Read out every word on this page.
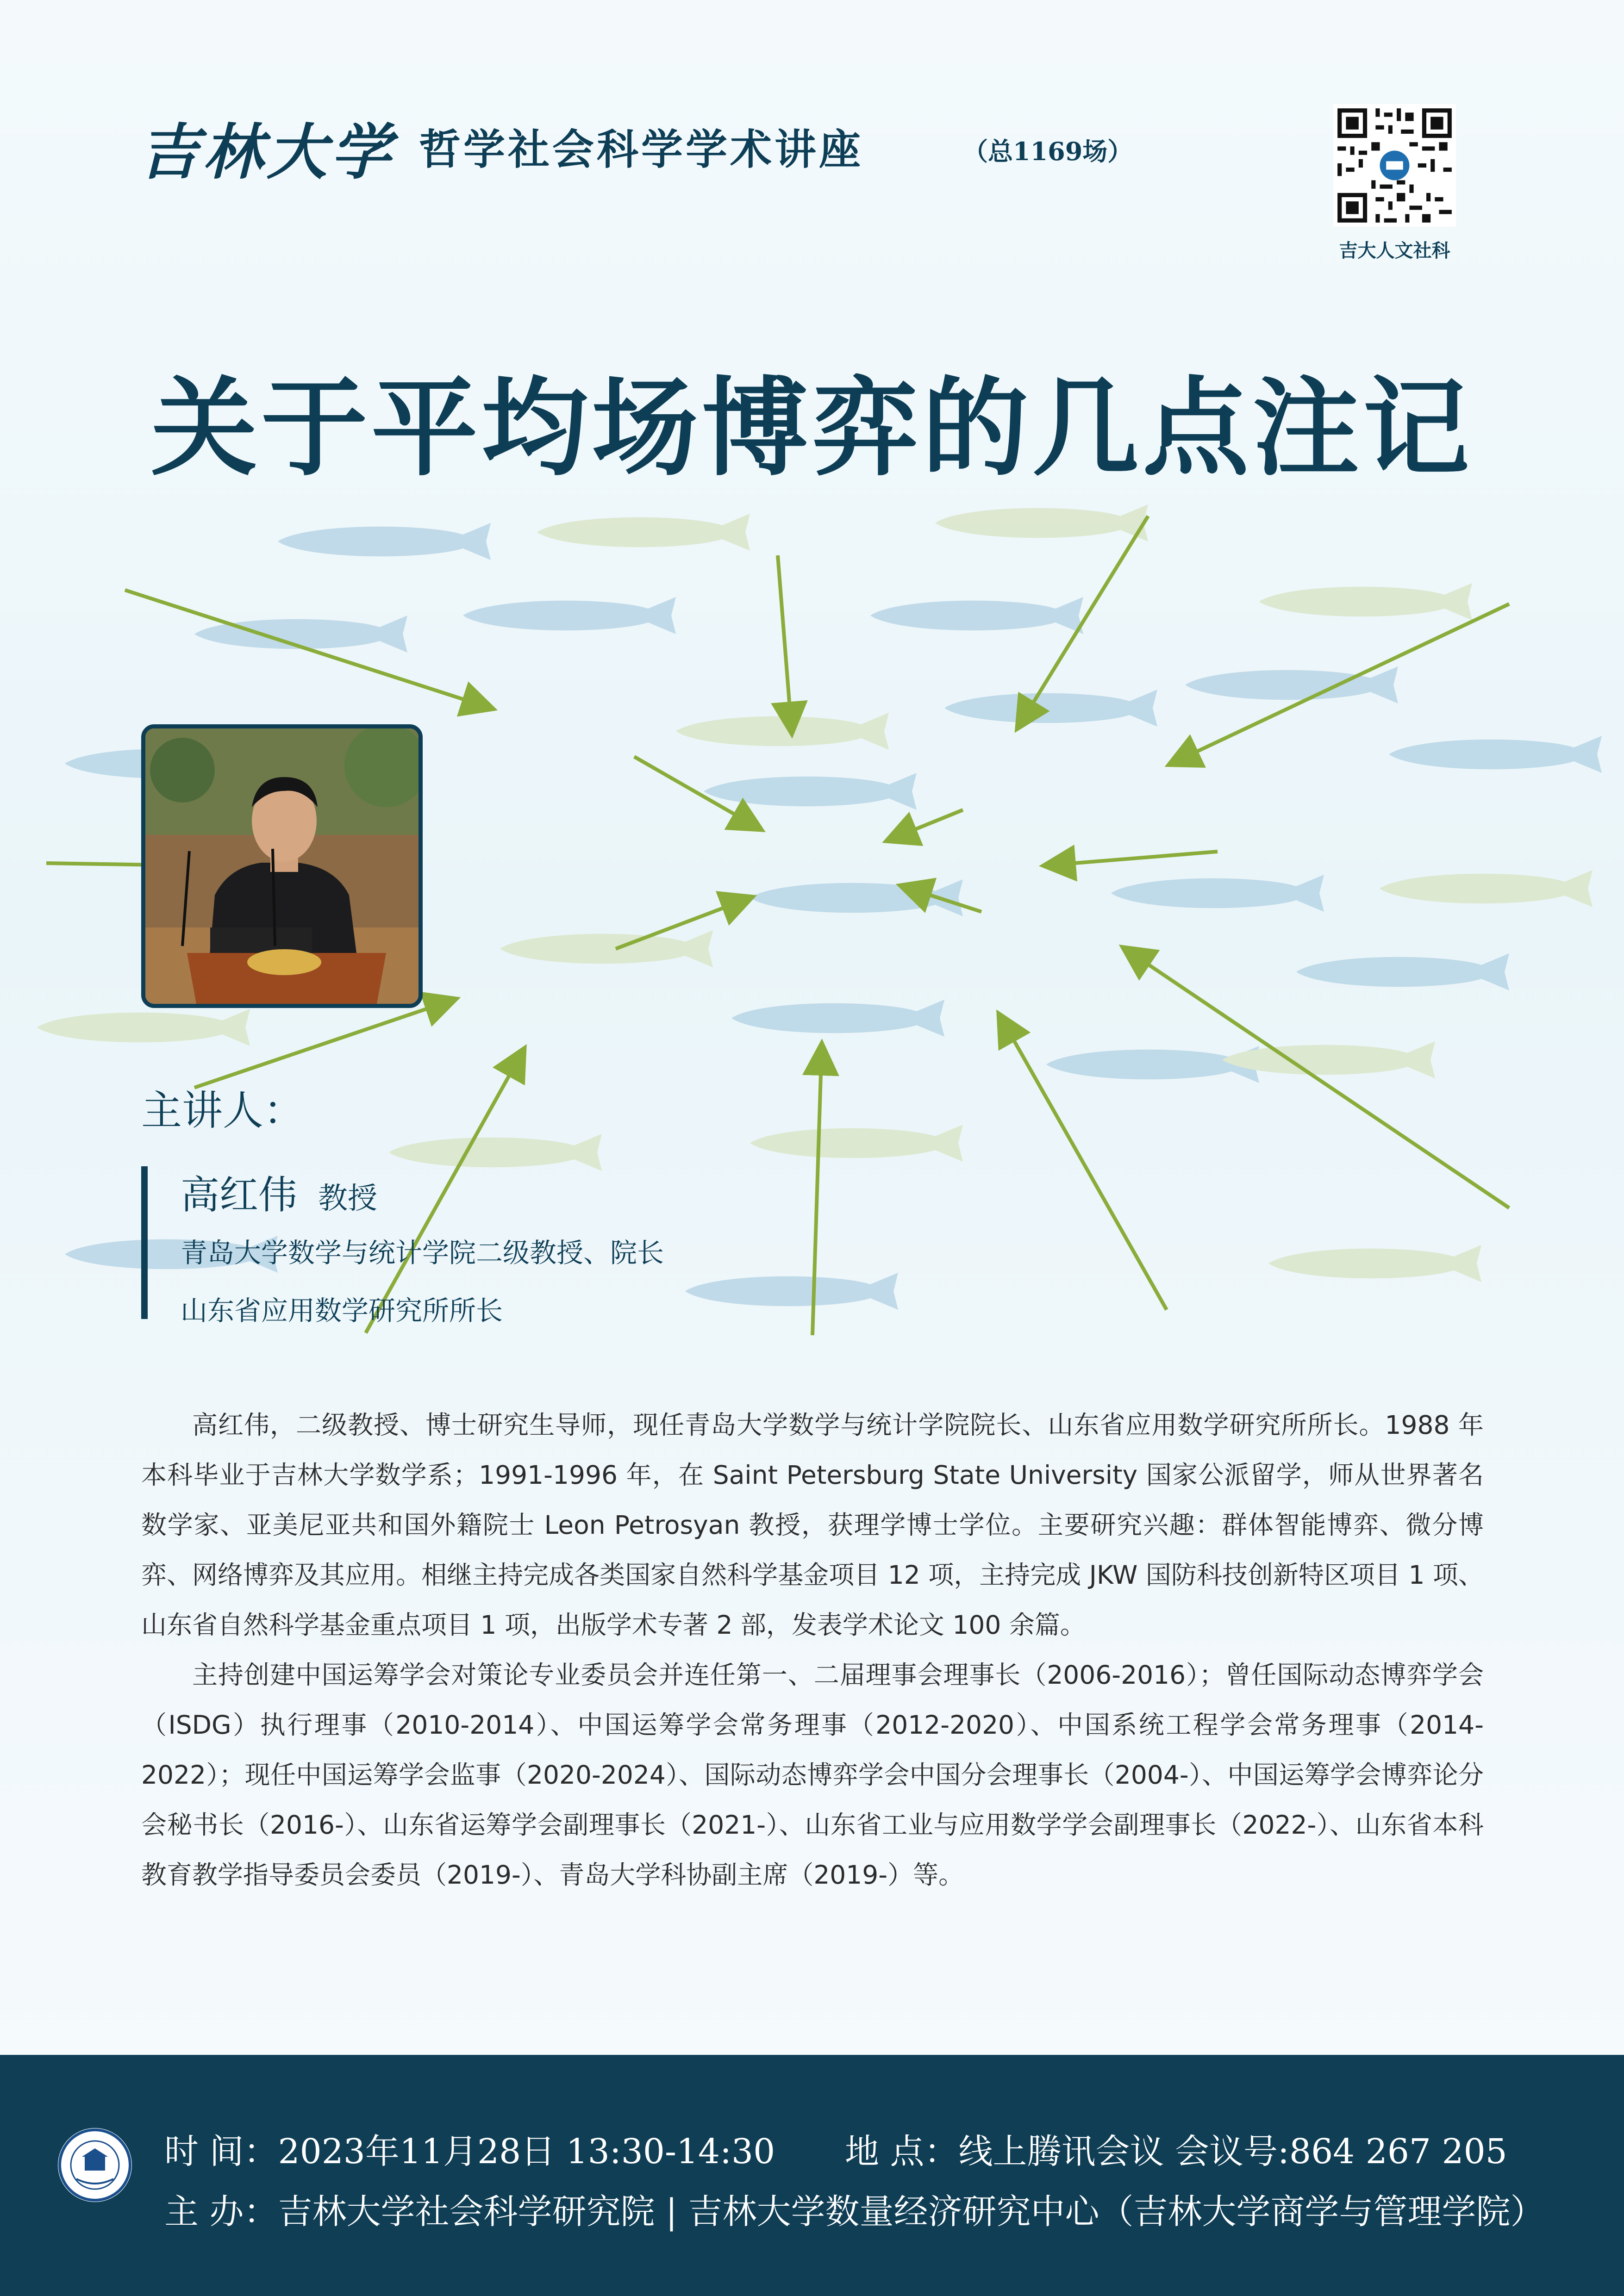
吉林大学 哲学社会科学学术讲座	（总1169场）
吉大人文社科
关于平均场博弈的几点注记
主讲人：
高红伟 教授
青岛大学数学与统计学院二级教授、院长
山东省应用数学研究所所长

高红伟，二级教授、博士研究生导师，现任青岛大学数学与统计学院院长、山东省应用数学研究所所长。1988 年本科毕业于吉林大学数学系；1991-1996 年，在 Saint Petersburg State University 国家公派留学，师从世界著名数学家、亚美尼亚共和国外籍院士 Leon Petrosyan 教授，获理学博士学位。主要研究兴趣：群体智能博弈、微分博弈、网络博弈及其应用。相继主持完成各类国家自然科学基金项目 12 项，主持完成 JKW 国防科技创新特区项目 1 项、山东省自然科学基金重点项目 1 项，出版学术专著 2 部，发表学术论文 100 余篇。

主持创建中国运筹学会对策论专业委员会并连任第一、二届理事会理事长（2006-2016）；曾任国际动态博弈学会（ISDG）执行理事（2010-2014）、中国运筹学会常务理事（2012-2020）、中国系统工程学会常务理事（2014-2022）；现任中国运筹学会监事（2020-2024）、国际动态博弈学会中国分会理事长（2004-）、中国运筹学会博弈论分会秘书长（2016-）、山东省运筹学会副理事长（2021-）、山东省工业与应用数学学会副理事长（2022-）、山东省本科教育教学指导委员会委员（2019-）、青岛大学科协副主席（2019-）等。

时 间：2023年11月28日 13:30-14:30 地 点：线上腾讯会议 会议号:864 267 205
主 办：吉林大学社会科学研究院 | 吉林大学数量经济研究中心（吉林大学商学与管理学院）
